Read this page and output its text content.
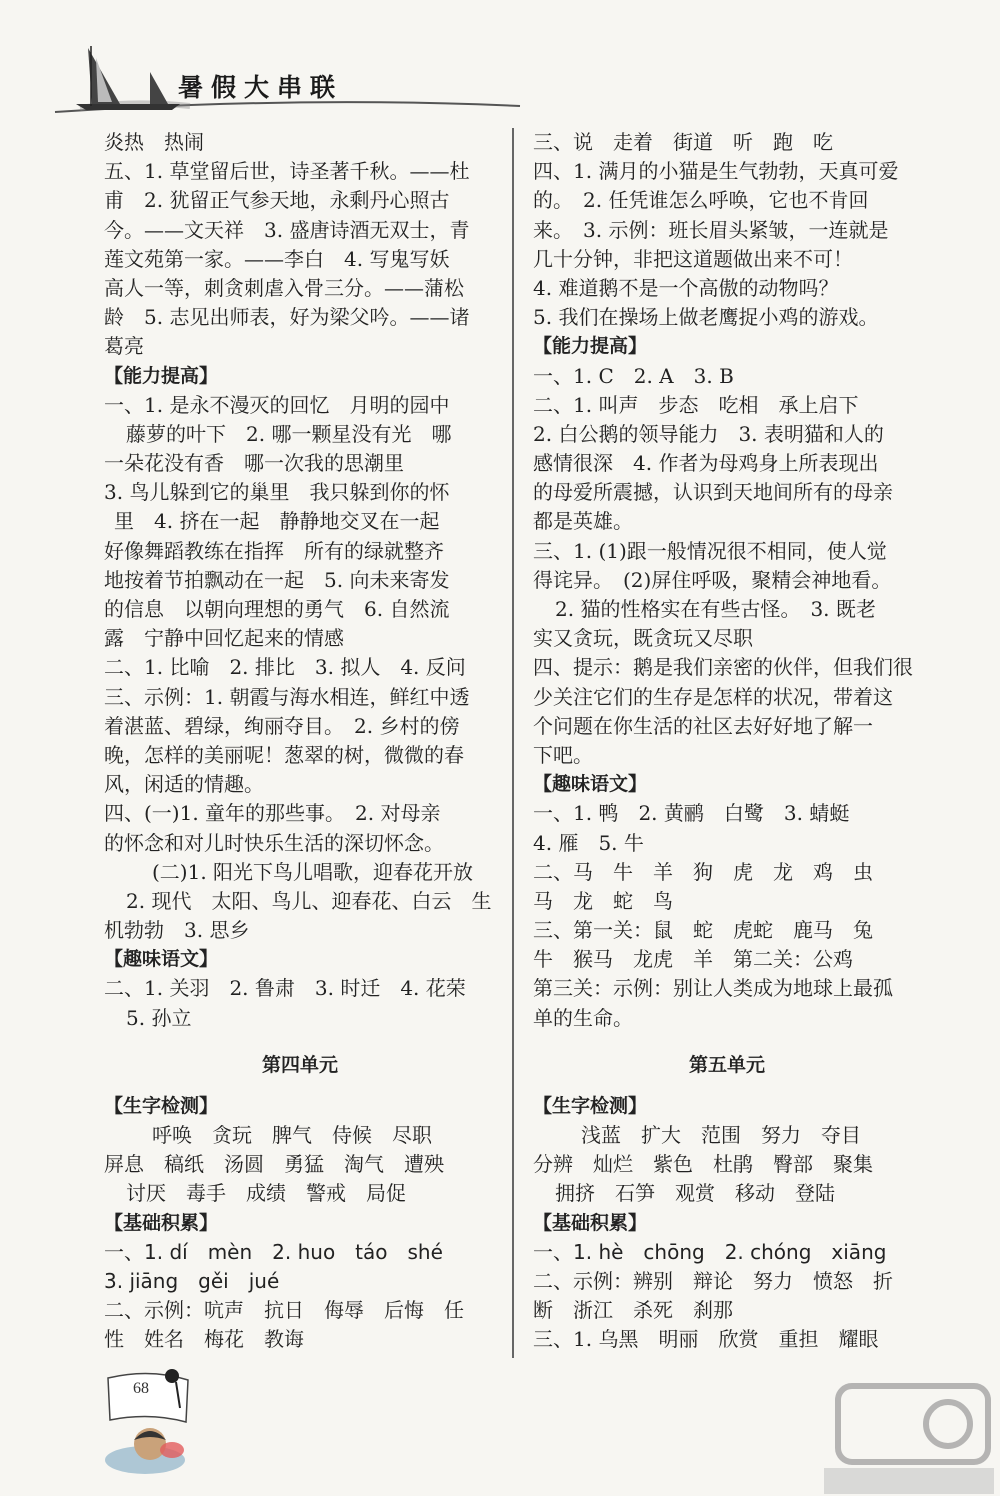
暑假大串联
炎热　热闹
五、1. 草堂留后世，诗圣著千秋。——杜
甫　2. 犹留正气参天地，永剩丹心照古
今。——文天祥　3. 盛唐诗酒无双士，青
莲文苑第一家。——李白　4. 写鬼写妖
高人一等，刺贪刺虐入骨三分。——蒲松
龄　5. 志见出师表，好为梁父吟。——诸
葛亮
【能力提高】
一、1. 是永不漫灭的回忆　月明的园中
藤萝的叶下　2. 哪一颗星没有光　哪
一朵花没有香　哪一次我的思潮里
3. 鸟儿躲到它的巢里　我只躲到你的怀
里　4. 挤在一起　静静地交叉在一起
好像舞蹈教练在指挥　所有的绿就整齐
地按着节拍飘动在一起　5. 向未来寄发
的信息　以朝向理想的勇气　6. 自然流
露　宁静中回忆起来的情感
二、1. 比喻　2. 排比　3. 拟人　4. 反问
三、示例：1. 朝霞与海水相连，鲜红中透
着湛蓝、碧绿，绚丽夺目。　2. 乡村的傍
晚，怎样的美丽呢！葱翠的树，微微的春
风，闲适的情趣。
四、(一)1. 童年的那些事。　2. 对母亲
的怀念和对儿时快乐生活的深切怀念。
(二)1. 阳光下鸟儿唱歌，迎春花开放
2. 现代　太阳、鸟儿、迎春花、白云　生
机勃勃　3. 思乡
【趣味语文】
二、1. 关羽　2. 鲁肃　3. 时迁　4. 花荣
5. 孙立
第四单元
【生字检测】
呼唤　贪玩　脾气　侍候　尽职
屏息　稿纸　汤圆　勇猛　淘气　遭殃
讨厌　毒手　成绩　警戒　局促
【基础积累】
一、1. dí　mèn　2. huo　táo　shé
3. jiāng　gěi　jué
二、示例：吭声　抗日　侮辱　后悔　任
性　姓名　梅花　教诲
三、说　走着　街道　听　跑　吃
四、1. 满月的小猫是生气勃勃，天真可爱
的。　2. 任凭谁怎么呼唤，它也不肯回
来。　3. 示例：班长眉头紧皱，一连就是
几十分钟，非把这道题做出来不可！
4. 难道鹅不是一个高傲的动物吗？
5. 我们在操场上做老鹰捉小鸡的游戏。
【能力提高】
一、1. C　2. A　3. B
二、1. 叫声　步态　吃相　承上启下
2. 白公鹅的领导能力　3. 表明猫和人的
感情很深　4. 作者为母鸡身上所表现出
的母爱所震撼，认识到天地间所有的母亲
都是英雄。
三、1. (1)跟一般情况很不相同，使人觉
得诧异。　(2)屏住呼吸，聚精会神地看。
2. 猫的性格实在有些古怪。　3. 既老
实又贪玩，既贪玩又尽职
四、提示：鹅是我们亲密的伙伴，但我们很
少关注它们的生存是怎样的状况，带着这
个问题在你生活的社区去好好地了解一
下吧。
【趣味语文】
一、1. 鸭　2. 黄鹂　白鹭　3. 蜻蜓
4. 雁　5. 牛
二、马　牛　羊　狗　虎　龙　鸡　虫
马　龙　蛇　鸟
三、第一关：鼠　蛇　虎蛇　鹿马　兔
牛　猴马　龙虎　羊　第二关：公鸡
第三关：示例：别让人类成为地球上最孤
单的生命。
第五单元
【生字检测】
浅蓝　扩大　范围　努力　夺目
分辨　灿烂　紫色　杜鹃　臀部　聚集
拥挤　石笋　观赏　移动　登陆
【基础积累】
一、1. hè　chōng　2. chóng　xiāng
二、示例：辨别　辩论　努力　愤怒　折
断　浙江　杀死　刹那
三、1. 乌黑　明丽　欣赏　重担　耀眼
68
